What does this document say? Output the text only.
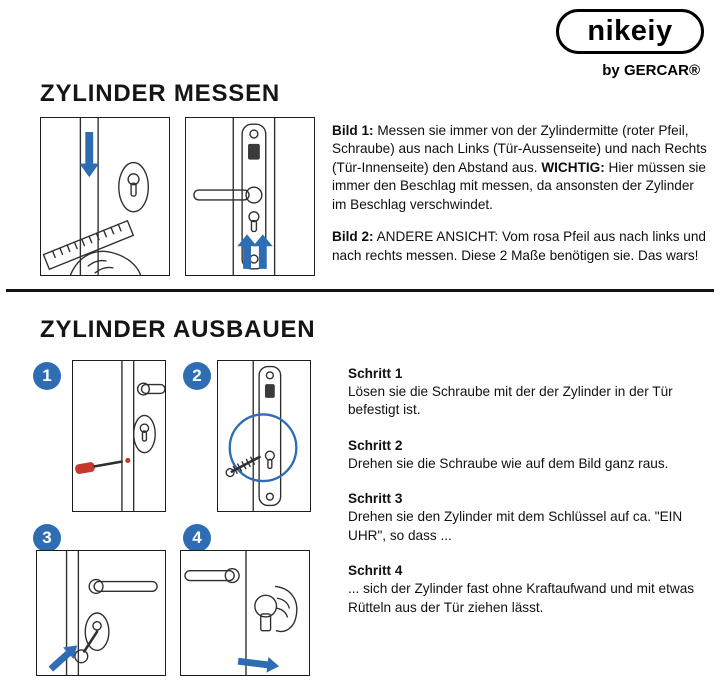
nikeiy
by GERCAR®
ZYLINDER MESSEN

Bild 1: Messen sie immer von der Zylindermitte (roter Pfeil, Schraube) aus nach Links (Tür-Aussenseite) und nach Rechts (Tür-Innenseite) den Abstand aus. WICHTIG: Hier müssen sie immer den Beschlag mit messen, da ansonsten der Zylinder im Beschlag verschwindet.

Bild 2: ANDERE ANSICHT: Vom rosa Pfeil aus nach links und nach rechts messen. Diese 2 Maße benötigen sie. Das wars!

ZYLINDER AUSBAUEN
1	2
3	4
Schritt 1
Lösen sie die Schraube mit der der Zylinder in der Tür befestigt ist.
Schritt 2
Drehen sie die Schraube wie auf dem Bild ganz raus.
Schritt 3
Drehen sie den Zylinder mit dem Schlüssel auf ca. "EIN UHR", so dass ...
Schritt 4
... sich der Zylinder fast ohne Kraftaufwand und mit etwas Rütteln aus der Tür ziehen lässt.
